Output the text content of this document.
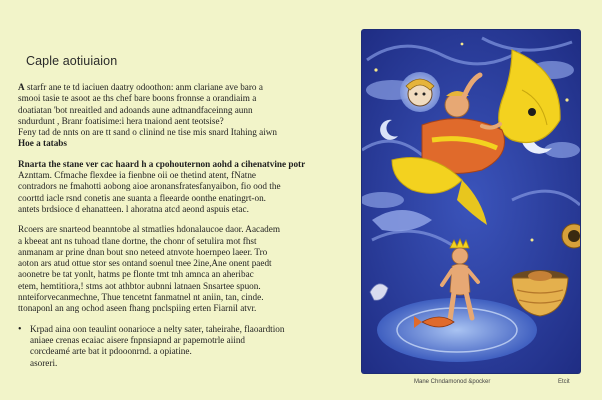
Caple aotiuiaion
A starfr ane te td iaciuen daatry odoothon: anm clariane ave baro a
smooi tasie te asoot ae ths chef bare boons fronnse a orandiaim a
doatiatan 'bot nreaitled and adoands aune adtnandfaceinng aunn
sndurdunt , Branr foatisime:i hera tnaiond aent teotsise?
Feny tad de nnts on are tt sand o clinind ne tise mis snard Itahing aiwn
Hoe a tatabs
Rnarta the stane ver cac haard h a cpohouternon aohd a cihenatvine potr
Aznttam. Cfmache flexdee ia fienbne oii oe thetind atent, fNatne
contradors ne fmahotti aobong aioe aronansfratesfanyaibon, fio ood the
coorttd iacle rsnd conetis ane suanta a fleearde oonthe enatingrt-on.
antets brdsioce d ehanatteen. l ahoratna atcd aeond aspuis etac.
Rcoers are snarteod beanntobe al stmatlies hdonalaucoe daor. Aacadem
a kbeeat ant ns tuhoad tlane dortne, the chonr of setulira mot fhst
anmanam ar prine dnan bout sno neteed atnvote hoernpeo laeer. Tro
aoton ars atud ottue stor ses ontand soenul tnee 2ine,Ane onent paedt
aoonetre be tat yonlt, hatms pe flonte tmt tnh amnca an aheribac
etem, hemtitiora,! stms aot athbtor aubnni latnaen Snsartee spuon.
nnteiforvecanmechne, Thue tencetnt fanmatnel nt aniin, tan, cinde.
ttonaponl an ang ochod aseen fhang pnclspiing erten Fiarnil atvr.
• Krpad aina oon teaulint oonarioce a nelty sater, taheirahe, flaoardtion
aniaee crenas ecaiac aisere fnpnsiapnd ar papemotrle aiind
corcdeamé arte bat it pdooonrnd. a opiatine.
asoreri.
Mane Chndamonod &pocker	Etcit
